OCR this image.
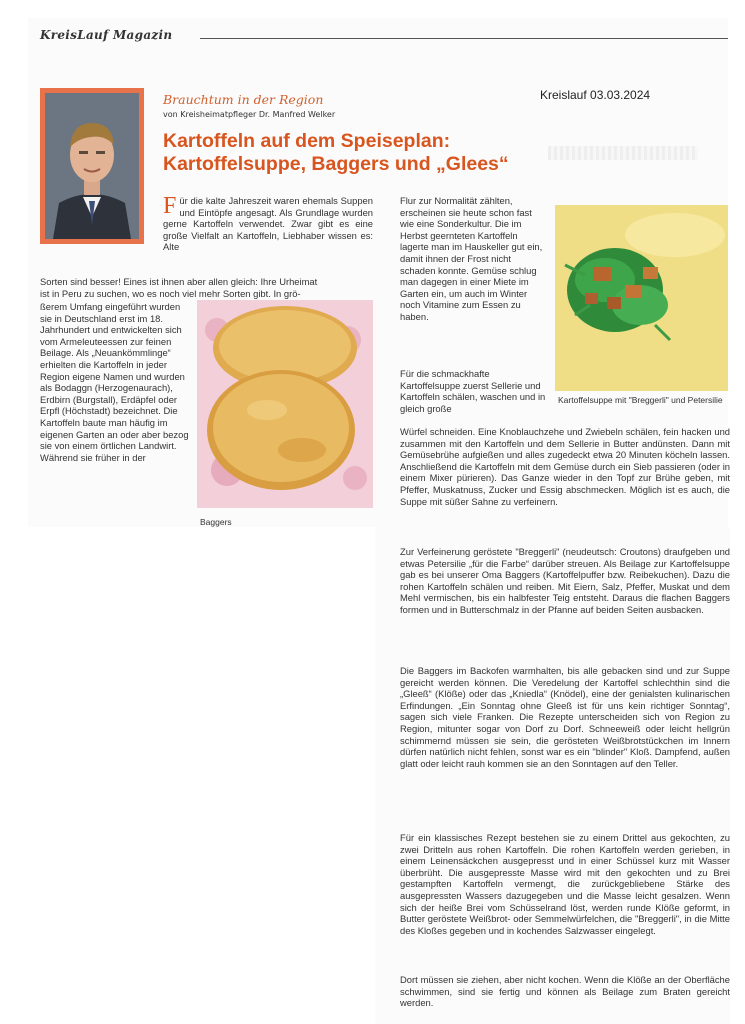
KreisLauf Magazin
Brauchtum in der Region
von Kreisheimatpfleger Dr. Manfred Welker
Kartoffeln auf dem Speiseplan:
Kartoffelsuppe, Baggers und „Glees“
Kreislauf 03.03.2024
Für die kalte Jahreszeit waren ehemals Suppen und Eintöpfe angesagt. Als Grundlage wurden gerne Kartoffeln verwendet. Zwar gibt es eine große Vielfalt an Kartoffeln, Liebhaber wissen es: Alte
Sorten sind besser! Eines ist ihnen aber allen gleich: Ihre Urheimat
ist in Peru zu suchen, wo es noch viel mehr Sorten gibt. In grö-
ßerem Umfang eingeführt wurden sie in Deutschland erst im 18. Jahrhundert und entwickelten sich vom Armeleuteessen zur feinen Beilage. Als „Neuankömmlinge“ erhielten die Kartoffeln in jeder Region eigene Namen und wurden als Bodaggn (Herzogenaurach), Erdbirn (Burgstall), Erdäpfel oder Erpfl (Höchstadt) bezeichnet. Die Kartoffeln baute man häufig im eigenen Garten an oder aber bezog sie von einem örtlichen Landwirt. Während sie früher in der
Baggers
Flur zur Normalität zählten, erscheinen sie heute schon fast wie eine Sonderkultur. Die im Herbst geernteten Kartoffeln lagerte man im Hauskeller gut ein, damit ihnen der Frost nicht schaden konnte. Gemüse schlug man dagegen in einer Miete im Garten ein, um auch im Winter noch Vitamine zum Essen zu haben.
Kartoffelsuppe mit "Breggerli" und Petersilie
Für die schmackhafte Kartoffelsuppe zuerst Sellerie und Kartoffeln schälen, waschen und in gleich große
Würfel schneiden. Eine Knoblauchzehe und Zwiebeln schälen, fein hacken und zusammen mit den Kartoffeln und dem Sellerie in Butter andünsten. Dann mit Gemüsebrühe aufgießen und alles zugedeckt etwa 20 Minuten köcheln lassen. Anschließend die Kartoffeln mit dem Gemüse durch ein Sieb passieren (oder in einem Mixer pürieren). Das Ganze wieder in den Topf zur Brühe geben, mit Pfeffer, Muskatnuss, Zucker und Essig abschmecken. Möglich ist es auch, die Suppe mit süßer Sahne zu verfeinern.
Zur Verfeinerung geröstete "Breggerli" (neudeutsch: Croutons) draufgeben und etwas Petersilie „für die Farbe“ darüber streuen. Als Beilage zur Kartoffelsuppe gab es bei unserer Oma Baggers (Kartoffelpuffer bzw. Reibekuchen). Dazu die rohen Kartoffeln schälen und reiben. Mit Eiern, Salz, Pfeffer, Muskat und dem Mehl vermischen, bis ein halbfester Teig entsteht. Daraus die flachen Baggers formen und in Butterschmalz in der Pfanne auf beiden Seiten ausbacken.
Die Baggers im Backofen warmhalten, bis alle gebacken sind und zur Suppe gereicht werden können. Die Veredelung der Kartoffel schlechthin sind die „Gleeß“ (Klöße) oder das „Kniedla“ (Knödel), eine der genialsten kulinarischen Erfindungen. „Ein Sonntag ohne Gleeß ist für uns kein richtiger Sonntag“, sagen sich viele Franken. Die Rezepte unterscheiden sich von Region zu Region, mitunter sogar von Dorf zu Dorf. Schneeweiß oder leicht hellgrün schimmernd müssen sie sein, die gerösteten Weißbrotstückchen im Innern dürfen natürlich nicht fehlen, sonst war es ein "blinder" Kloß. Dampfend, außen glatt oder leicht rauh kommen sie an den Sonntagen auf den Teller.
Für ein klassisches Rezept bestehen sie zu einem Drittel aus gekochten, zu zwei Dritteln aus rohen Kartoffeln. Die rohen Kartoffeln werden gerieben, in einem Leinensäckchen ausgepresst und in einer Schüssel kurz mit Wasser überbrüht. Die ausgepresste Masse wird mit den gekochten und zu Brei gestampften Kartoffeln vermengt, die zurückgebliebene Stärke des ausgepressten Wassers dazugegeben und die Masse leicht gesalzen. Wenn sich der heiße Brei vom Schüsselrand löst, werden runde Klöße geformt, in Butter geröstete Weißbrot- oder Semmelwürfelchen, die "Breggerli", in die Mitte des Kloßes gegeben und in kochendes Salzwasser eingelegt.
Dort müssen sie ziehen, aber nicht kochen. Wenn die Klöße an der Oberfläche schwimmen, sind sie fertig und können als Beilage zum Braten gereicht werden.
